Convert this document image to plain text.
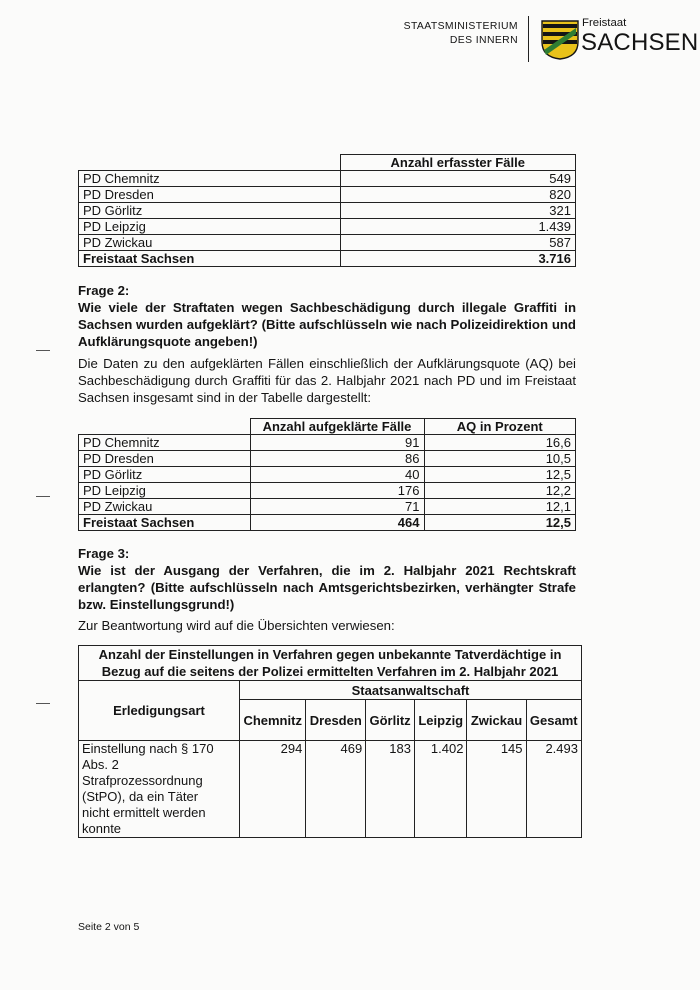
STAATSMINISTERIUM
DES INNERN
Freistaat
SACHSEN
	Anzahl erfasster Fälle
PD Chemnitz	549
PD Dresden	820
PD Görlitz	321
PD Leipzig	1.439
PD Zwickau	587
Freistaat Sachsen	3.716
Frage 2:
Wie viele der Straftaten wegen Sachbeschädigung durch illegale Graffiti in Sachsen wurden aufgeklärt? (Bitte aufschlüsseln wie nach Polizeidirektion und Aufklärungsquote angeben!)
Die Daten zu den aufgeklärten Fällen einschließlich der Aufklärungsquote (AQ) bei Sachbeschädigung durch Graffiti für das 2. Halbjahr 2021 nach PD und im Freistaat Sachsen insgesamt sind in der Tabelle dargestellt:
	Anzahl aufgeklärte Fälle	AQ in Prozent
PD Chemnitz	91	16,6
PD Dresden	86	10,5
PD Görlitz	40	12,5
PD Leipzig	176	12,2
PD Zwickau	71	12,1
Freistaat Sachsen	464	12,5
Frage 3:
Wie ist der Ausgang der Verfahren, die im 2. Halbjahr 2021 Rechtskraft erlangten? (Bitte aufschlüsseln nach Amtsgerichtsbezirken, verhängter Strafe bzw. Einstellungsgrund!)
Zur Beantwortung wird auf die Übersichten verwiesen:
Anzahl der Einstellungen in Verfahren gegen unbekannte Tatverdächtige in Bezug auf die seitens der Polizei ermittelten Verfahren im 2. Halbjahr 2021						
Erledigungsart	Staatsanwaltschaft					
	Chemnitz	Dresden	Görlitz	Leipzig	Zwickau	Gesamt
Einstellung nach § 170 Abs. 2 Strafprozessordnung (StPO), da ein Täter nicht ermittelt werden konnte	294	469	183	1.402	145	2.493
Seite 2 von 5
